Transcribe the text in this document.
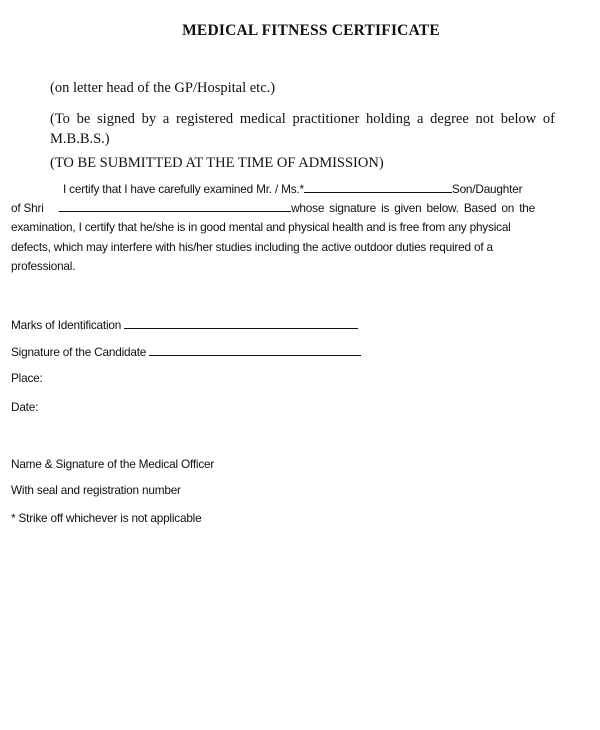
MEDICAL FITNESS CERTIFICATE
(on letter head of the GP/Hospital etc.)
(To be signed by a registered medical practitioner holding a degree not below of M.B.B.S.)
(TO BE SUBMITTED AT THE TIME OF ADMISSION)
I certify that I have carefully examined Mr. / Ms.*	Son/Daughter
of Shri	whose signature is given below. Based on the
examination, I certify that he/she is in good mental and physical health and is free from any physical
defects, which may interfere with his/her studies including the active outdoor duties required of a
professional.
Marks of Identification
Signature of the Candidate
Place:
Date:
Name & Signature of the Medical Officer
With seal and registration number
* Strike off whichever is not applicable
